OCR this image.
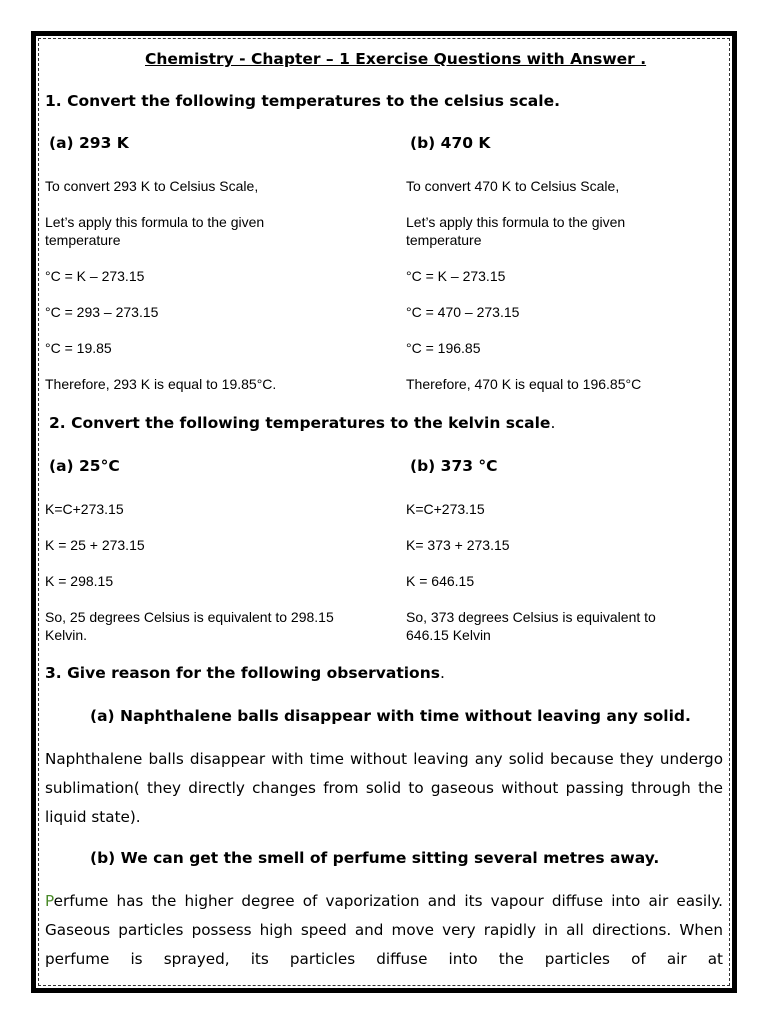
Chemistry - Chapter – 1 Exercise Questions with Answer .
1. Convert the following temperatures to the celsius scale.
(a) 293 K	(b) 470 K
To convert 293 K to Celsius Scale,
Let’s apply this formula to the given
temperature
°C = K – 273.15
°C = 293 – 273.15
°C = 19.85
Therefore, 293 K is equal to 19.85°C.
To convert 470 K to Celsius Scale,
Let’s apply this formula to the given
temperature
°C = K – 273.15
°C = 470 – 273.15
°C = 196.85
Therefore, 470 K is equal to 196.85°C
2. Convert the following temperatures to the kelvin scale.
(a) 25°C	(b) 373 °C
K=C+273.15
K = 25 + 273.15
K = 298.15
So, 25 degrees Celsius is equivalent to 298.15
Kelvin.
K=C+273.15
K= 373 + 273.15
K = 646.15
So, 373 degrees Celsius is equivalent to
646.15 Kelvin
3. Give reason for the following observations.
(a) Naphthalene balls disappear with time without leaving any solid.
Naphthalene balls disappear with time without leaving any solid because they undergo sublimation( they directly changes from solid to gaseous without passing through the liquid state).
(b) We can get the smell of perfume sitting several metres away.
Perfume has the higher degree of vaporization and its vapour diffuse into air easily. Gaseous particles possess high speed and move very rapidly in all directions. When perfume is sprayed, its particles diffuse into the particles of air at
